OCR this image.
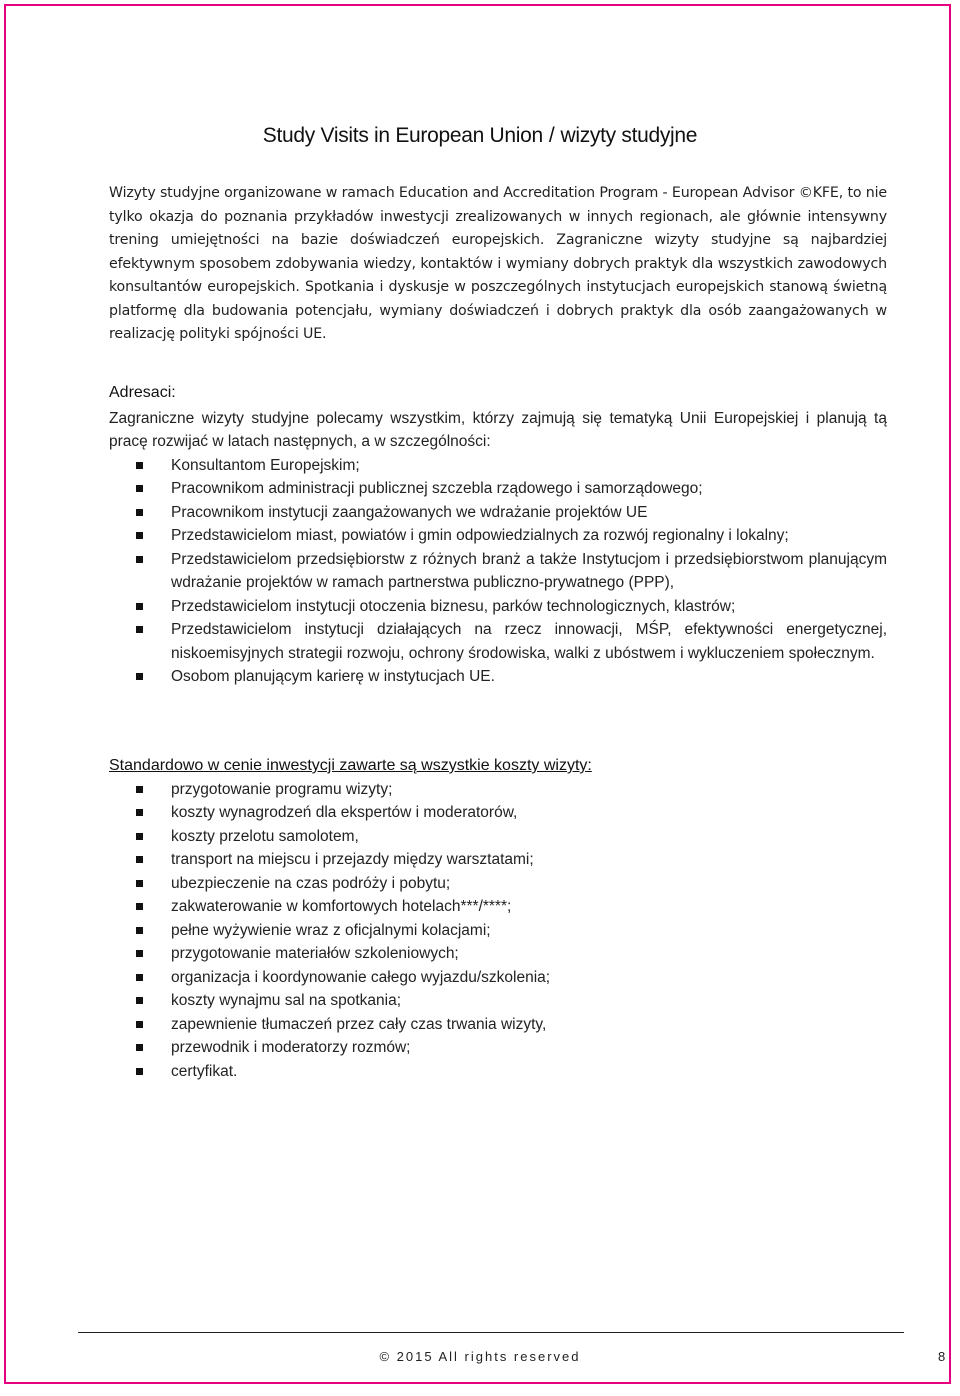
Study Visits in European Union / wizyty studyjne

Wizyty studyjne organizowane w ramach Education and Accreditation Program - European Advisor ©KFE, to nie tylko okazja do poznania przykładów inwestycji zrealizowanych w innych regionach, ale głównie intensywny trening umiejętności na bazie doświadczeń europejskich. Zagraniczne wizyty studyjne są najbardziej efektywnym sposobem zdobywania wiedzy, kontaktów i wymiany dobrych praktyk dla wszystkich zawodowych konsultantów europejskich. Spotkania i dyskusje w poszczególnych instytucjach europejskich stanową świetną platformę dla budowania potencjału, wymiany doświadczeń i dobrych praktyk dla osób zaangażowanych w realizację polityki spójności UE.

Adresaci:

Zagraniczne wizyty studyjne polecamy wszystkim, którzy zajmują się tematyką Unii Europejskiej i planują tą pracę rozwijać w latach następnych, a w szczególności:

Konsultantom Europejskim;
Pracownikom administracji publicznej szczebla rządowego i samorządowego;
Pracownikom instytucji zaangażowanych we wdrażanie projektów UE
Przedstawicielom miast, powiatów i gmin odpowiedzialnych za rozwój regionalny i lokalny;
Przedstawicielom przedsiębiorstw z różnych branż a także Instytucjom i przedsiębiorstwom planującym wdrażanie projektów w ramach partnerstwa publiczno-prywatnego (PPP),
Przedstawicielom instytucji otoczenia biznesu, parków technologicznych, klastrów;
Przedstawicielom instytucji działających na rzecz innowacji, MŚP, efektywności energetycznej, niskoemisyjnych strategii rozwoju, ochrony środowiska, walki z ubóstwem i wykluczeniem społecznym.
Osobom planującym karierę w instytucjach UE.
Standardowo w cenie inwestycji zawarte są wszystkie koszty wizyty:
przygotowanie programu wizyty;
koszty wynagrodzeń dla ekspertów i moderatorów,
koszty przelotu samolotem,
transport na miejscu i przejazdy między warsztatami;
ubezpieczenie na czas podróży i pobytu;
zakwaterowanie w komfortowych hotelach***/****;
pełne wyżywienie wraz z oficjalnymi kolacjami;
przygotowanie materiałów szkoleniowych;
organizacja i koordynowanie całego wyjazdu/szkolenia;
koszty wynajmu sal na spotkania;
zapewnienie tłumaczeń przez cały czas trwania wizyty,
przewodnik i moderatorzy rozmów;
certyfikat.
© 2015 All rights reserved	8
